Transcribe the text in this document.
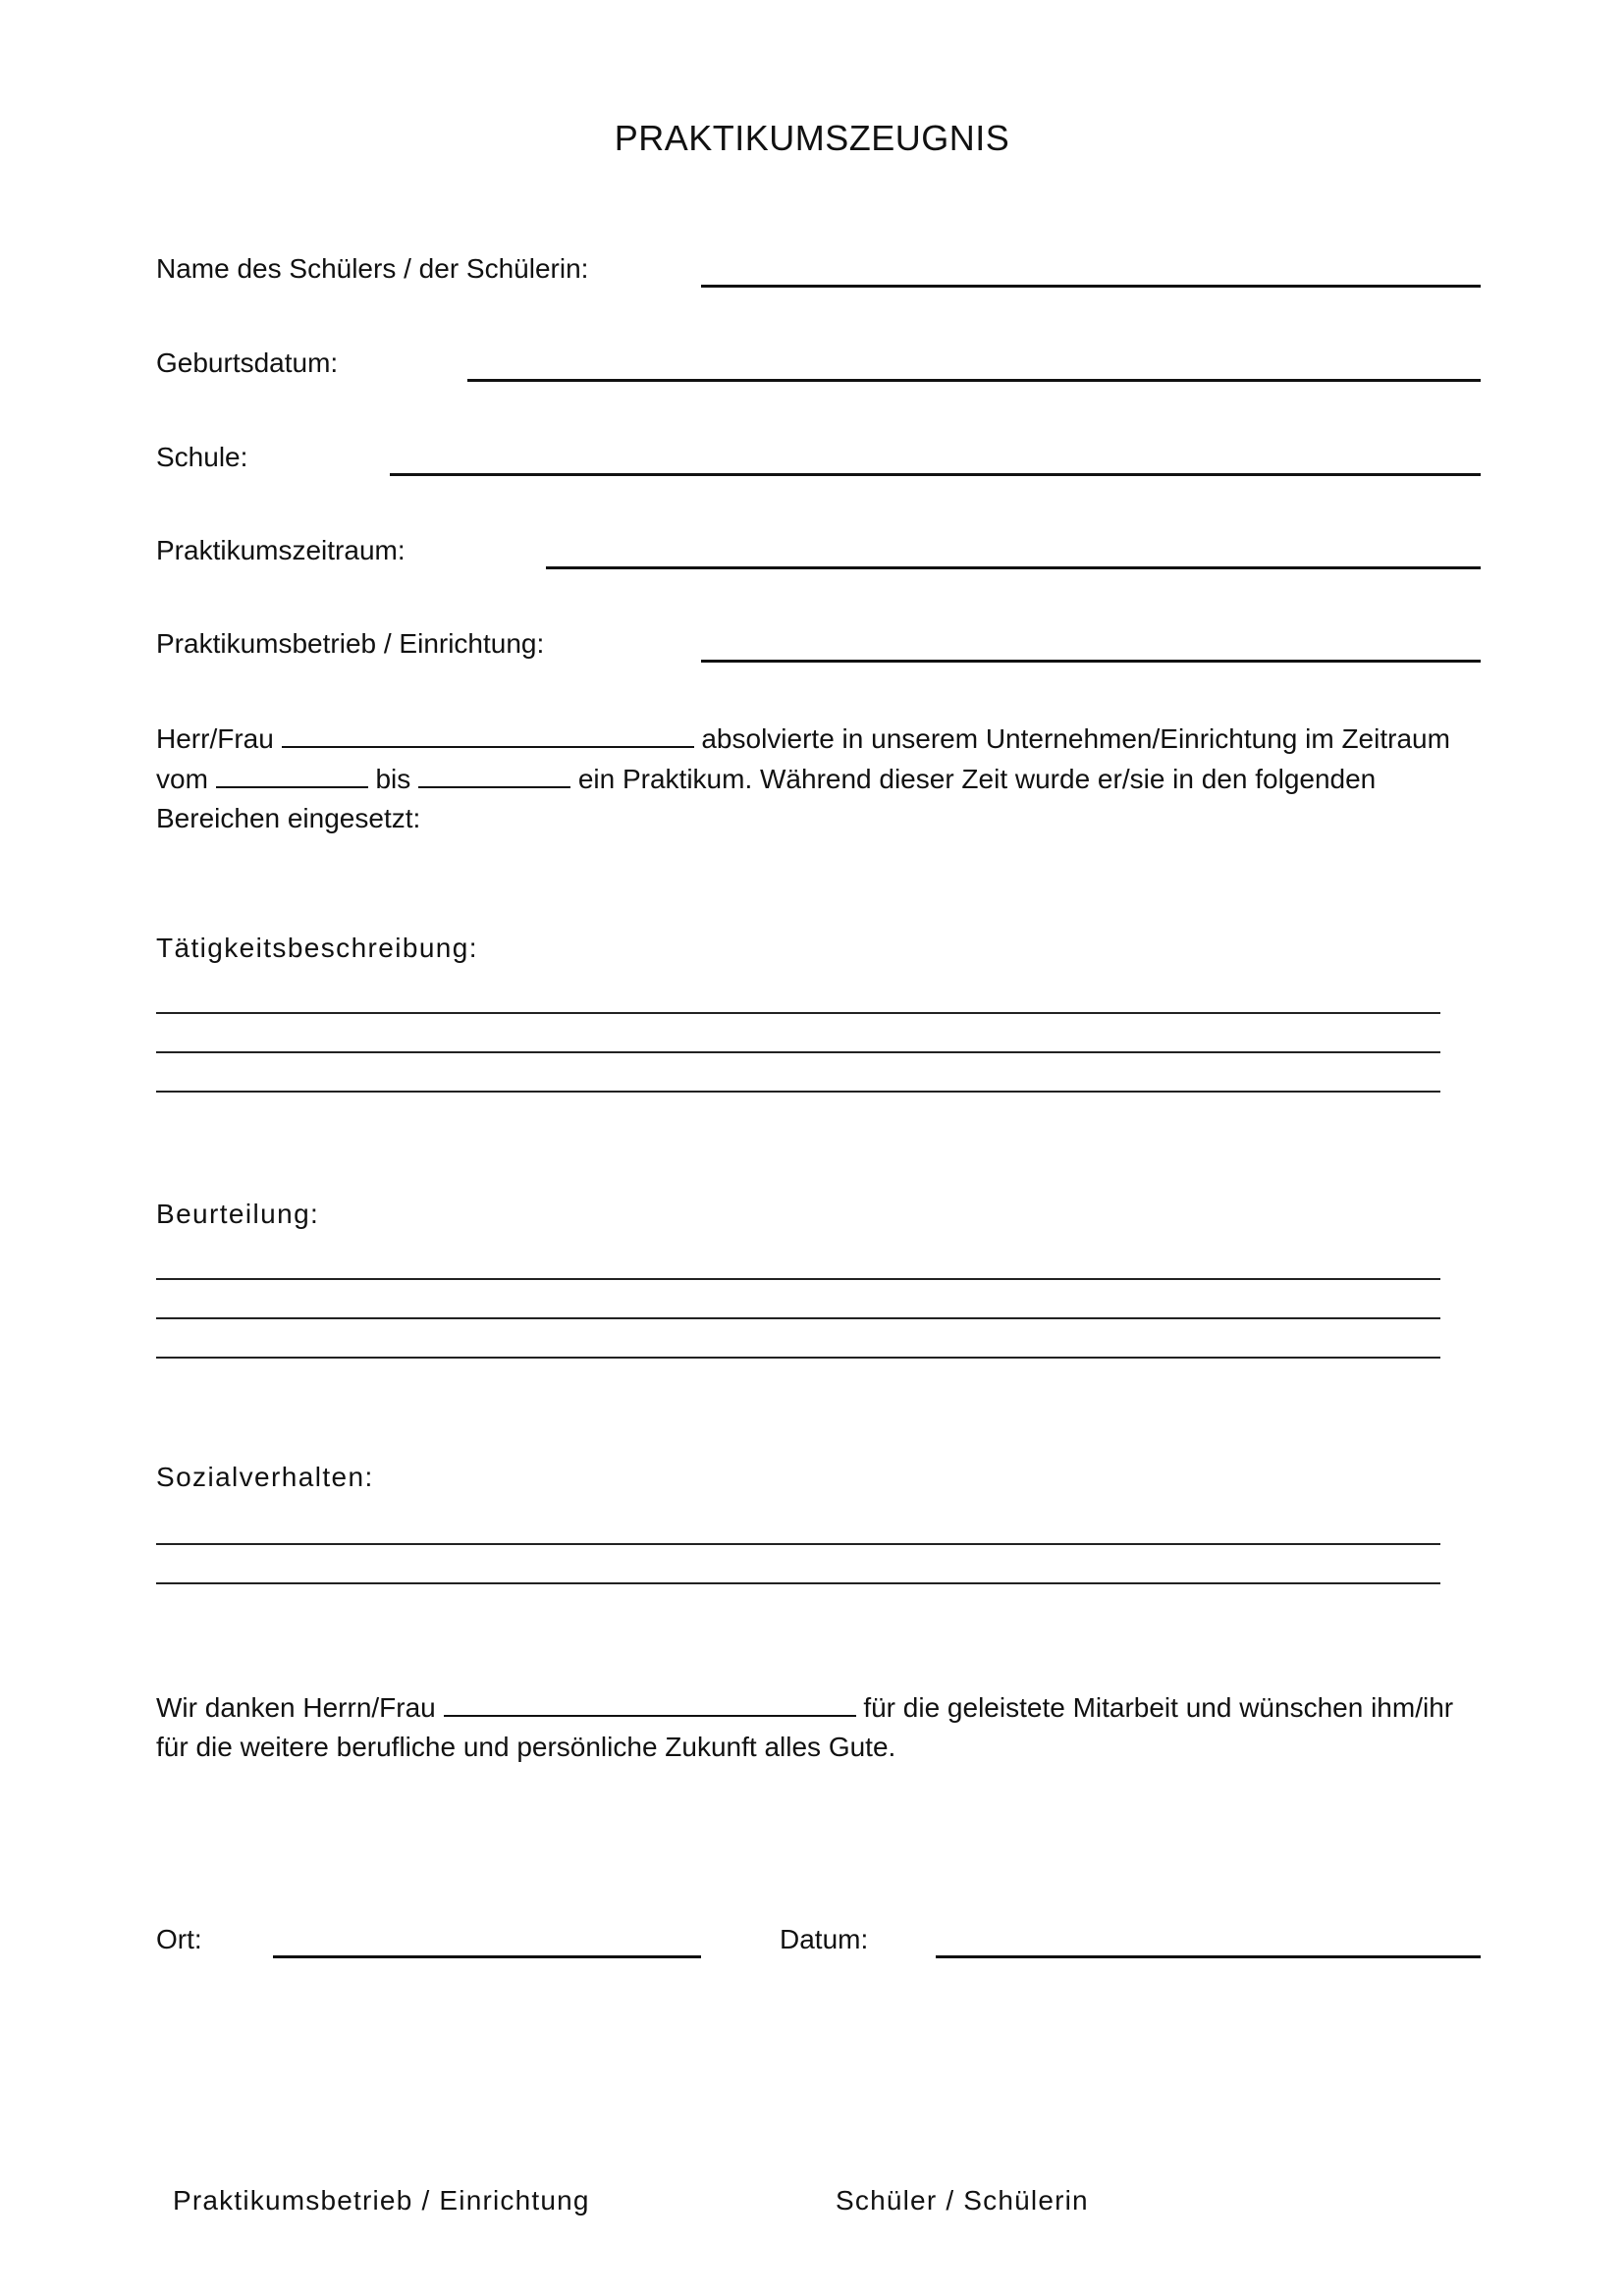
PRAKTIKUMSZEUGNIS
Name des Schülers / der Schülerin:
Geburtsdatum:
Schule:
Praktikumszeitraum:
Praktikumsbetrieb / Einrichtung:
Herr/Frau	absolvierte in unserem Unternehmen/Einrichtung im Zeitraum
vom	bis	ein Praktikum. Während dieser Zeit wurde er/sie in den folgenden
Bereichen eingesetzt:
Tätigkeitsbeschreibung:
Beurteilung:
Sozialverhalten:
Wir danken Herrn/Frau	für die geleistete Mitarbeit und wünschen ihm/ihr
für die weitere berufliche und persönliche Zukunft alles Gute.
Ort:	Datum:
Praktikumsbetrieb / Einrichtung	Schüler / Schülerin
